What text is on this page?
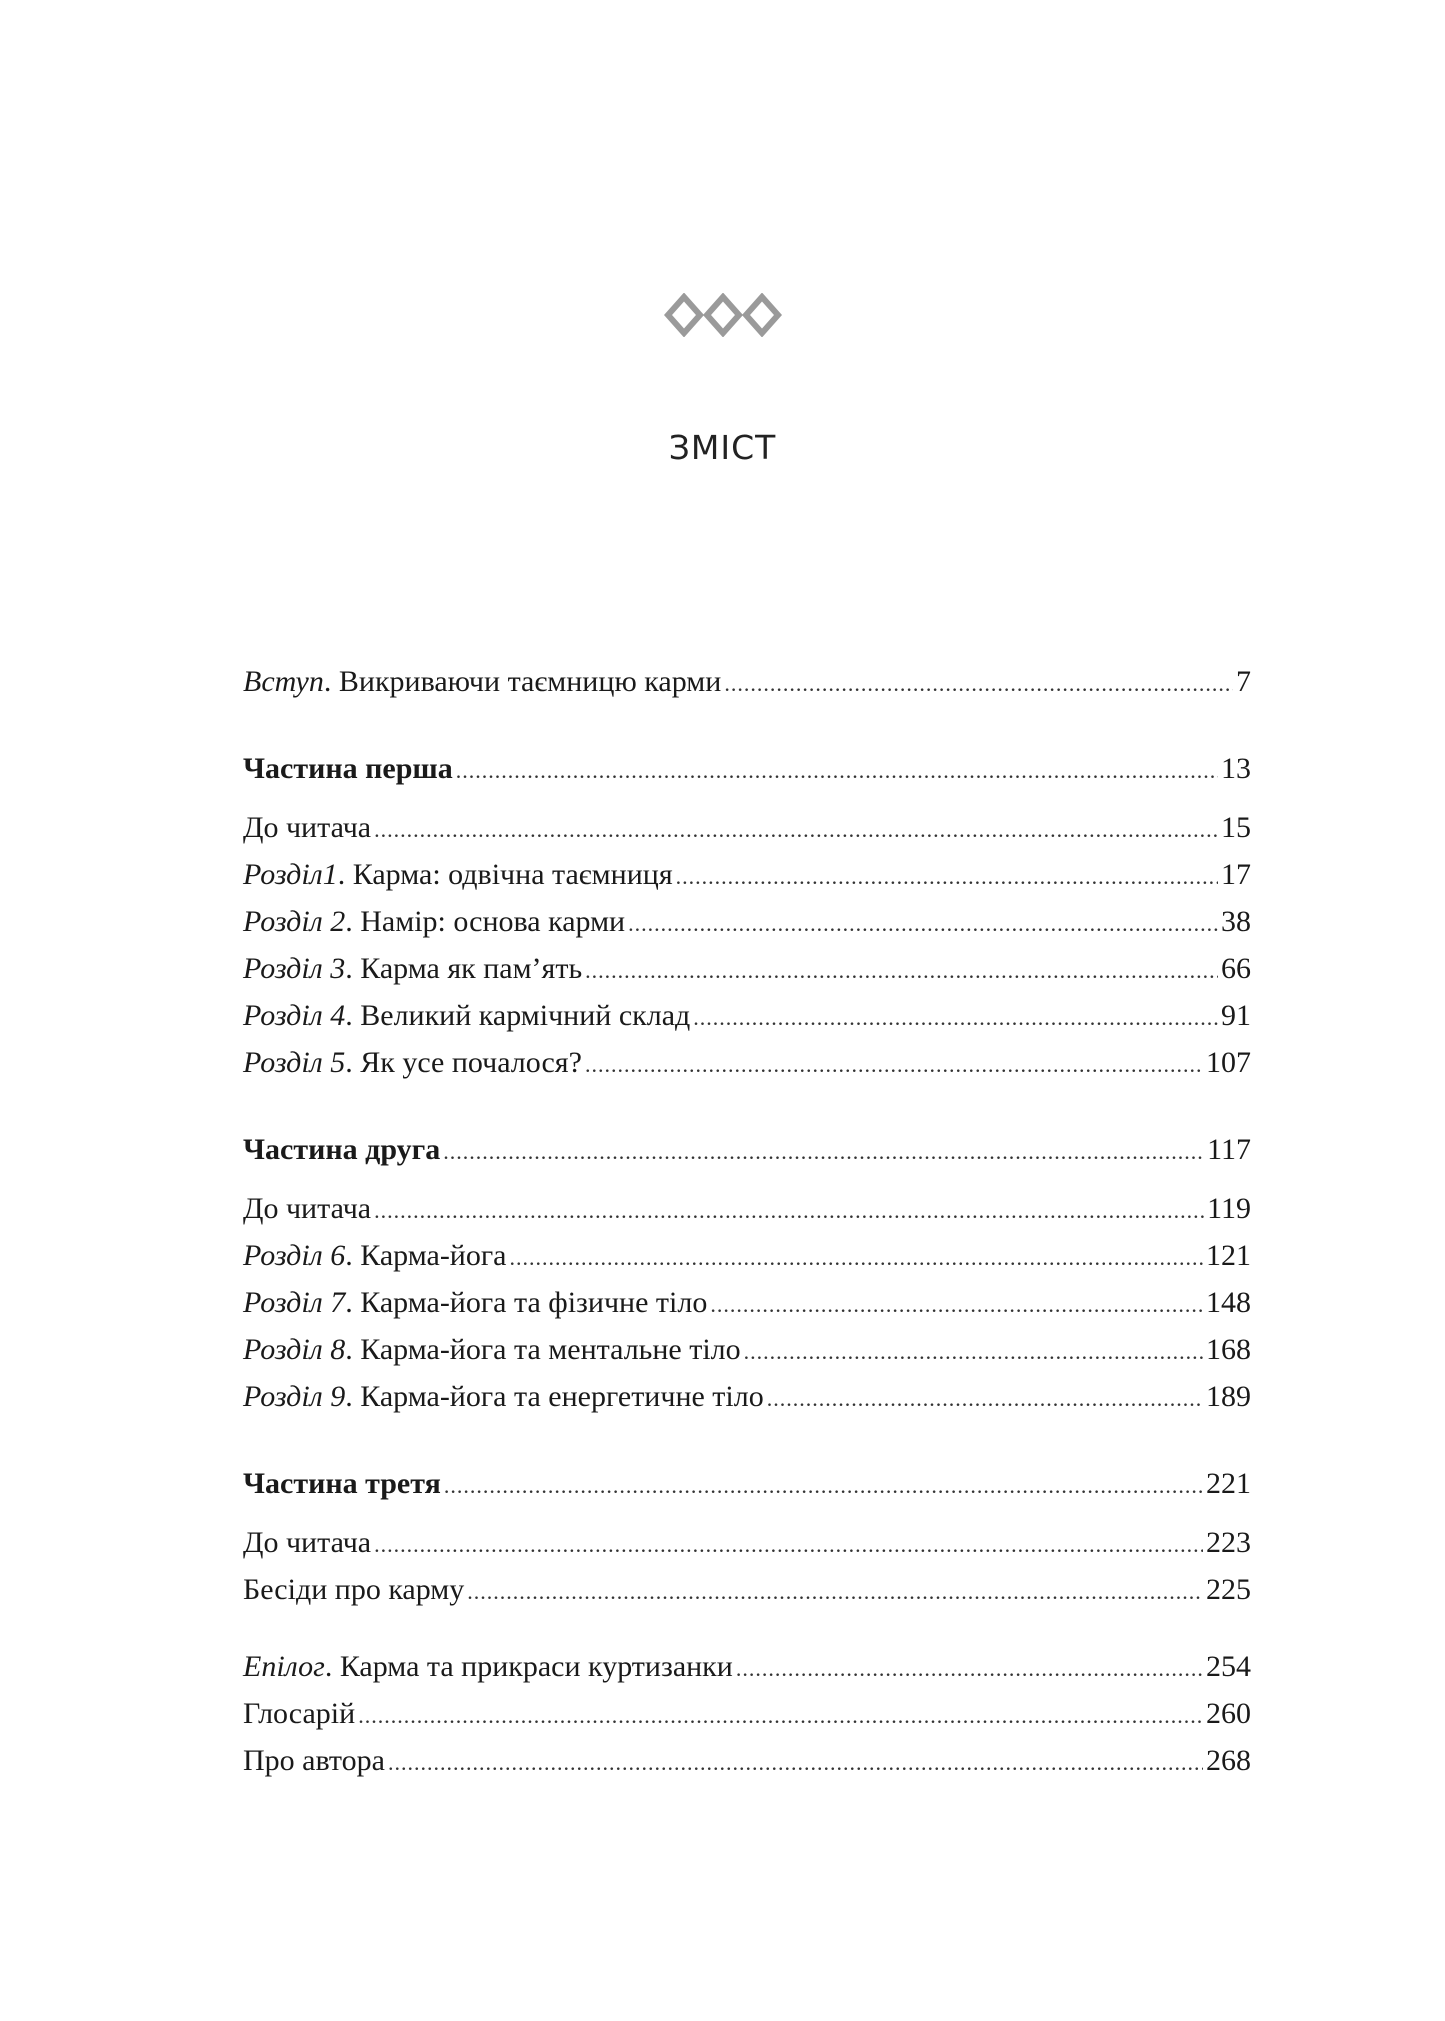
ЗМІСТ
Вступ. Викриваючи таємницю карми .....	7
Частина перша .....	13
До читача .....	15
Розділ1. Карма: одвічна таємниця .....	17
Розділ 2. Намір: основа карми .....	38
Розділ 3. Карма як пам’ять .....	66
Розділ 4. Великий кармічний склад .....	91
Розділ 5. Як усе почалося? .....	107
Частина друга .....	117
До читача .....	119
Розділ 6. Карма-йога .....	121
Розділ 7. Карма-йога та фізичне тіло .....	148
Розділ 8. Карма-йога та ментальне тіло .....	168
Розділ 9. Карма-йога та енергетичне тіло .....	189
Частина третя .....	221
До читача .....	223
Бесіди про карму .....	225
Епілог. Карма та прикраси куртизанки .....	254
Глосарій .....	260
Про автора .....	268
